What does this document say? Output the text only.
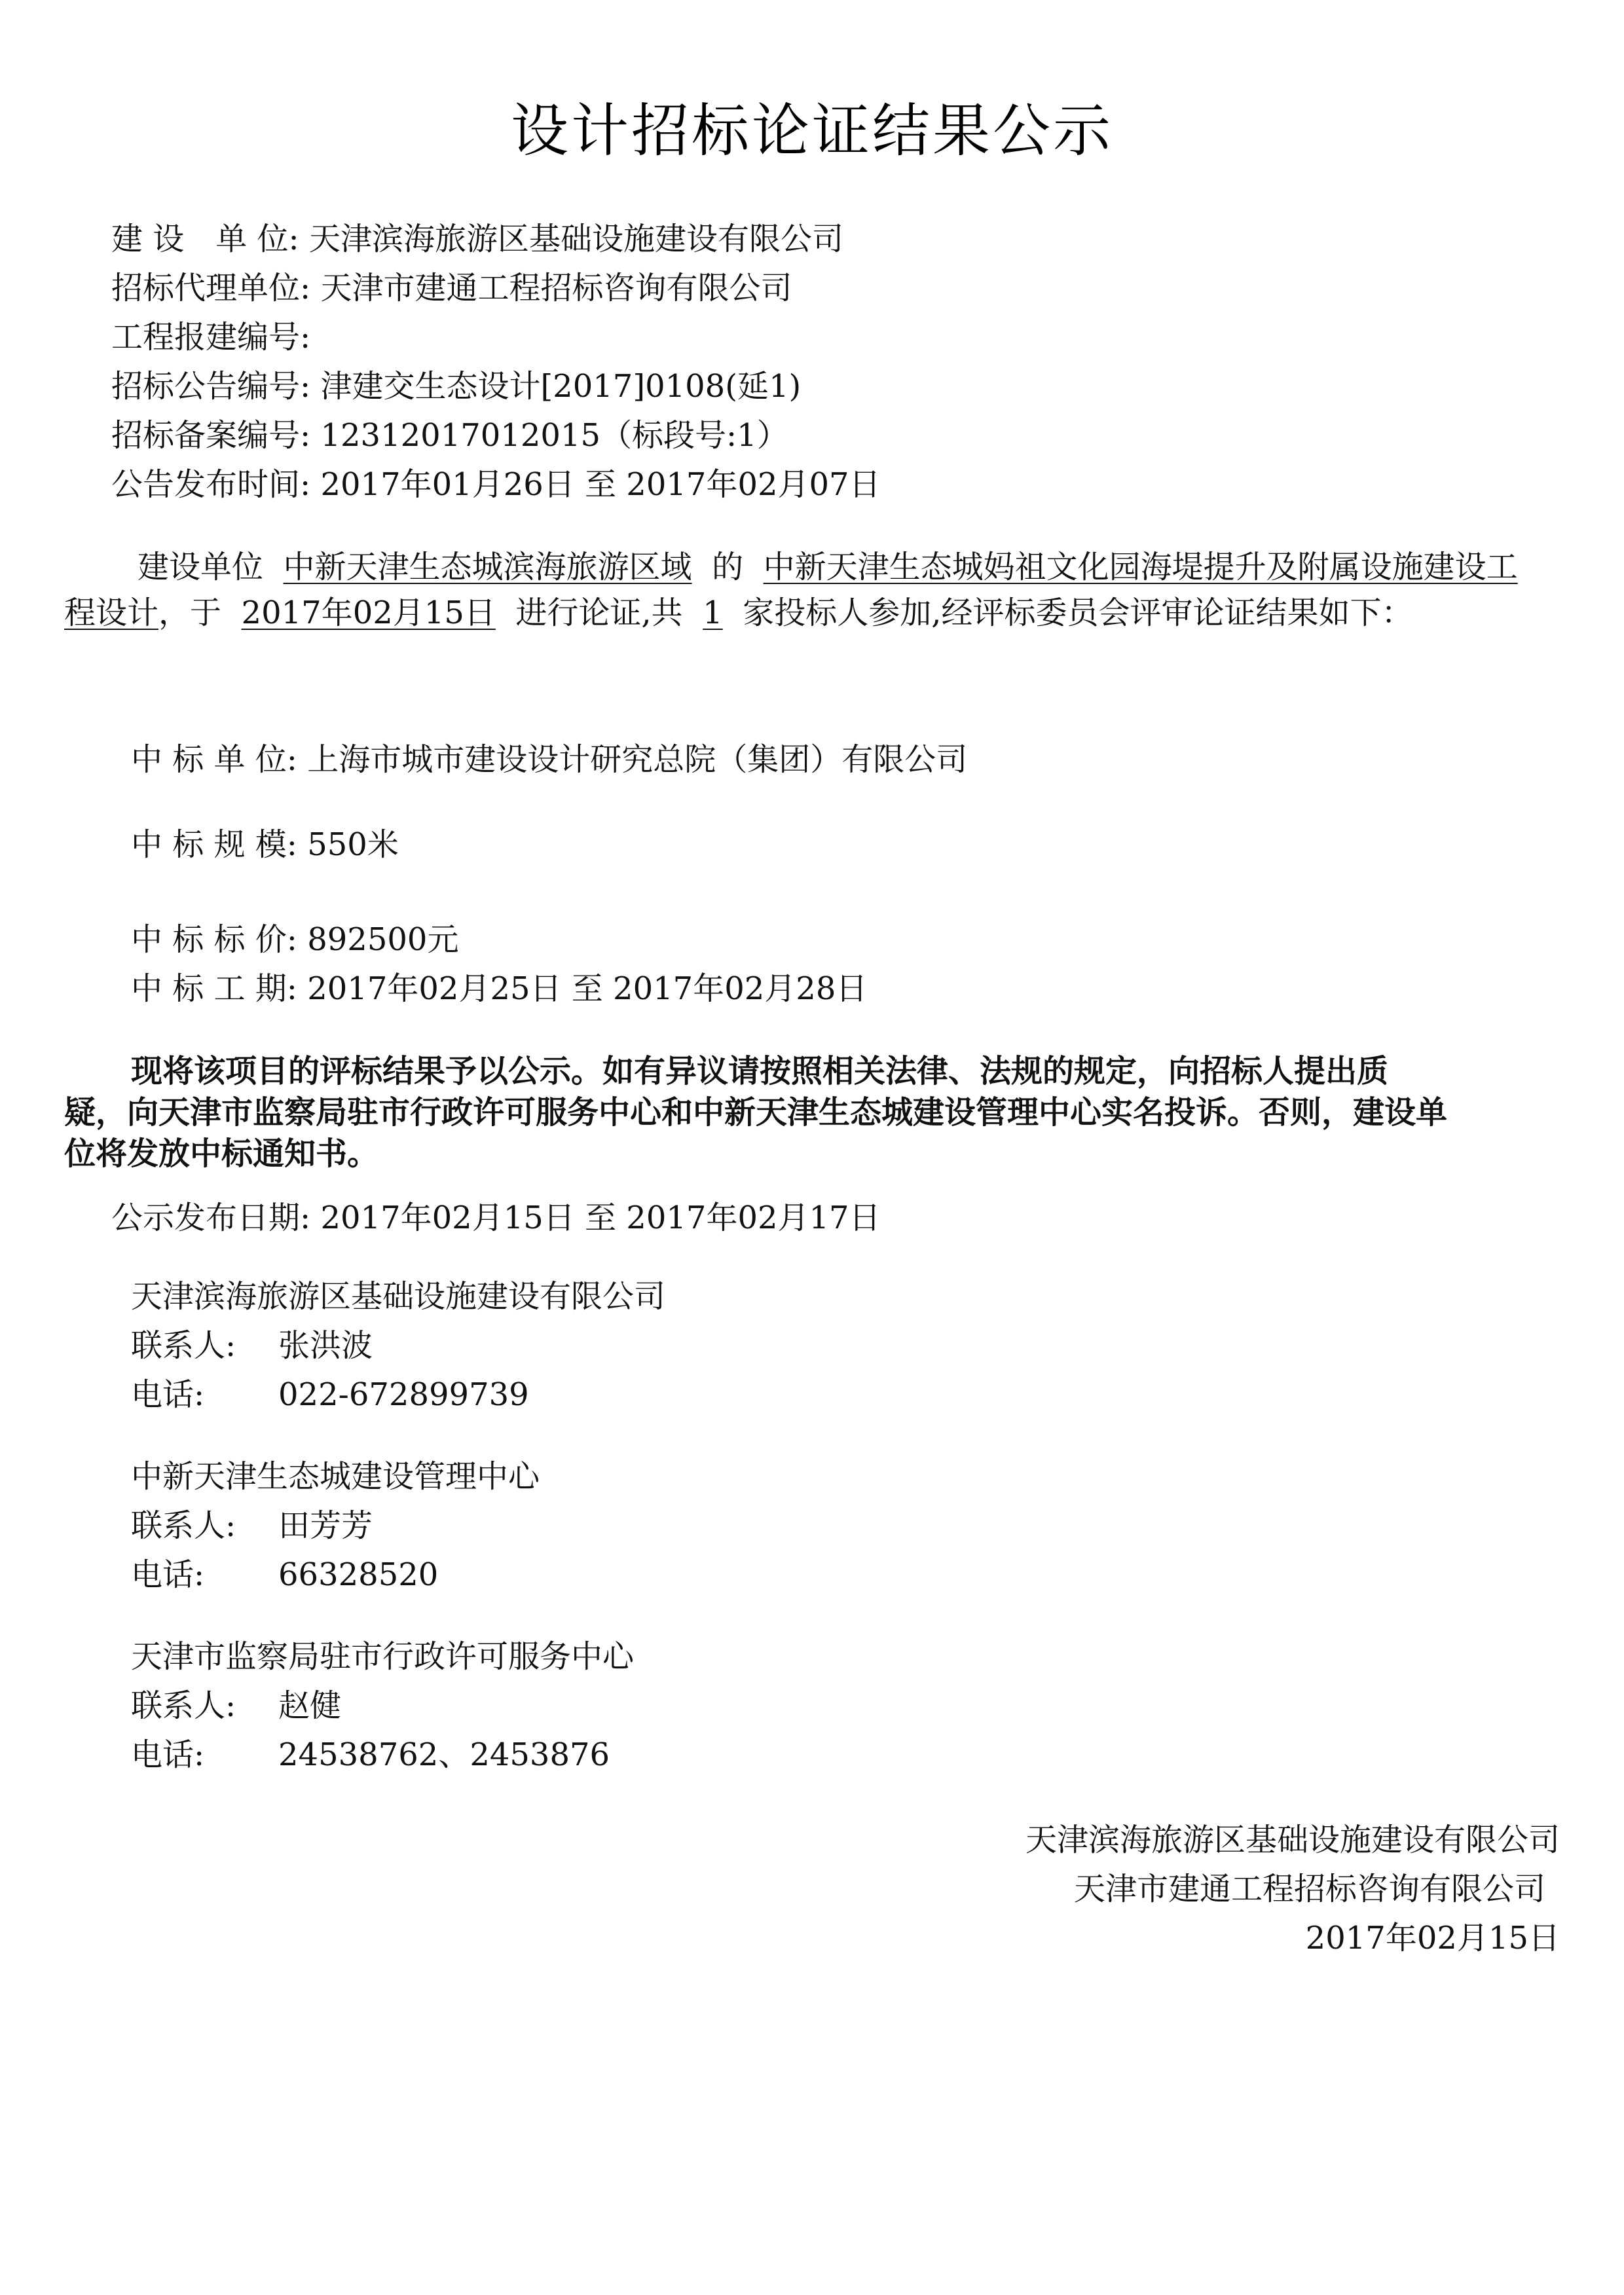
设计招标论证结果公示
建 设　单 位: 天津滨海旅游区基础设施建设有限公司
招标代理单位: 天津市建通工程招标咨询有限公司
工程报建编号:
招标公告编号: 津建交生态设计[2017]0108(延1)
招标备案编号: 12312017012015（标段号:1）
公告发布时间: 2017年01月26日 至 2017年02月07日
建设单位 中新天津生态城滨海旅游区域 的 中新天津生态城妈祖文化园海堤提升及附属设施建设工
程设计，于 2017年02月15日 进行论证,共 1 家投标人参加,经评标委员会评审论证结果如下：
中 标 单 位: 上海市城市建设设计研究总院（集团）有限公司
中 标 规 模: 550米
中 标 标 价: 892500元
中 标 工 期: 2017年02月25日 至 2017年02月28日
现将该项目的评标结果予以公示。如有异议请按照相关法律、法规的规定，向招标人提出质
疑，向天津市监察局驻市行政许可服务中心和中新天津生态城建设管理中心实名投诉。否则，建设单
位将发放中标通知书。
公示发布日期: 2017年02月15日 至 2017年02月17日
天津滨海旅游区基础设施建设有限公司
联系人: 张洪波
电话: 022-672899739
中新天津生态城建设管理中心
联系人: 田芳芳
电话: 66328520
天津市监察局驻市行政许可服务中心
联系人: 赵健
电话: 24538762、2453876
天津滨海旅游区基础设施建设有限公司
天津市建通工程招标咨询有限公司
2017年02月15日
